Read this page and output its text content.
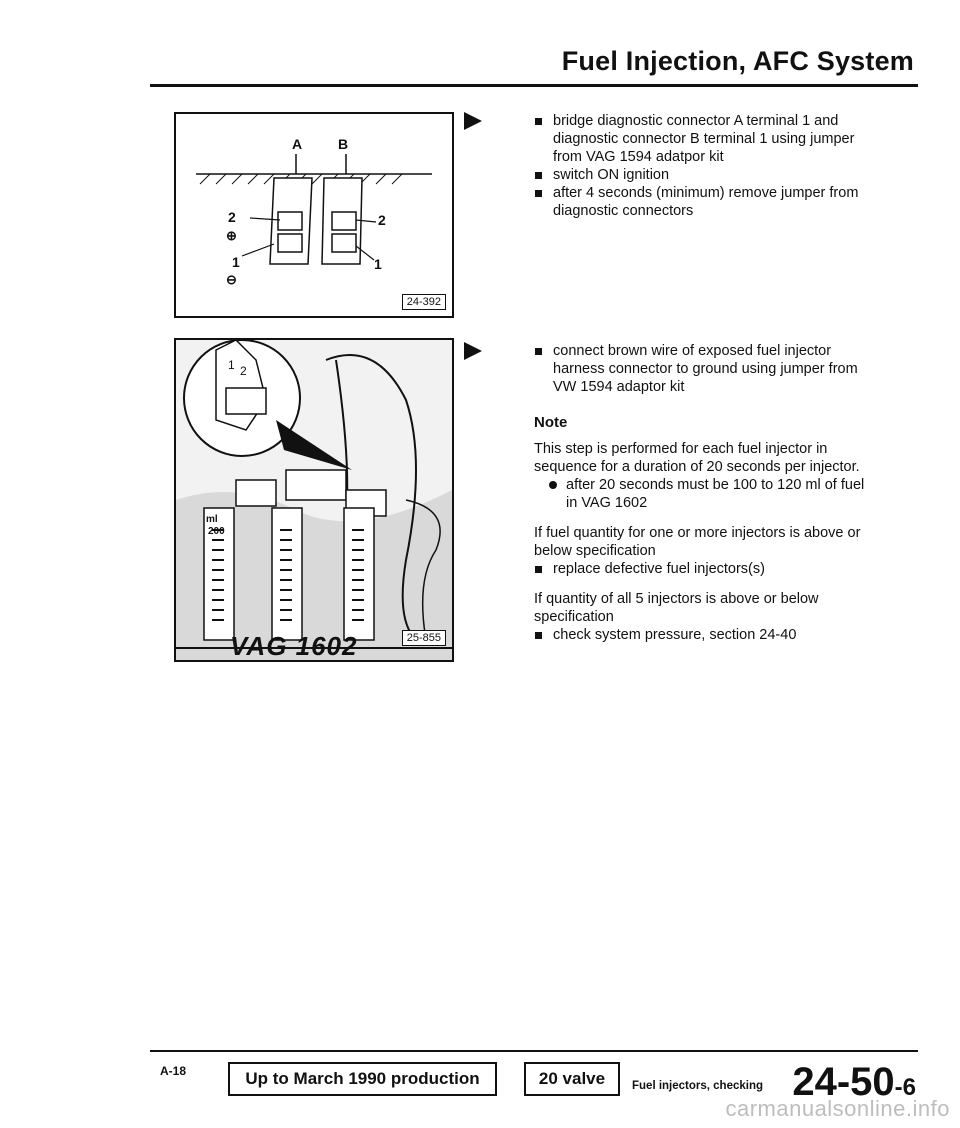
Fuel Injection, AFC System
A	B
2
⊕
1
⊖
2
1
24-392
1 2
ml
200
VAG 1602	25-855

bridge diagnostic connector A terminal 1 and diagnostic connector B terminal 1 using jumper from VAG 1594 adatpor kit

switch ON ignition

after 4 seconds (minimum) remove jumper from diagnostic connectors

connect brown wire of exposed fuel injector harness connector to ground using jumper from VW 1594 adaptor kit

Note

This step is performed for each fuel injector in sequence for a duration of 20 seconds per injector.

after 20 seconds must be 100 to 120 ml of fuel in VAG 1602

If fuel quantity for one or more injectors is above or below specification

replace defective fuel injectors(s)

If quantity of all 5 injectors is above or below specification

check system pressure, section 24-40

A-18	Up to March 1990 production	20 valve	Fuel injectors, checking 24-50-6
carmanualsonline.info
